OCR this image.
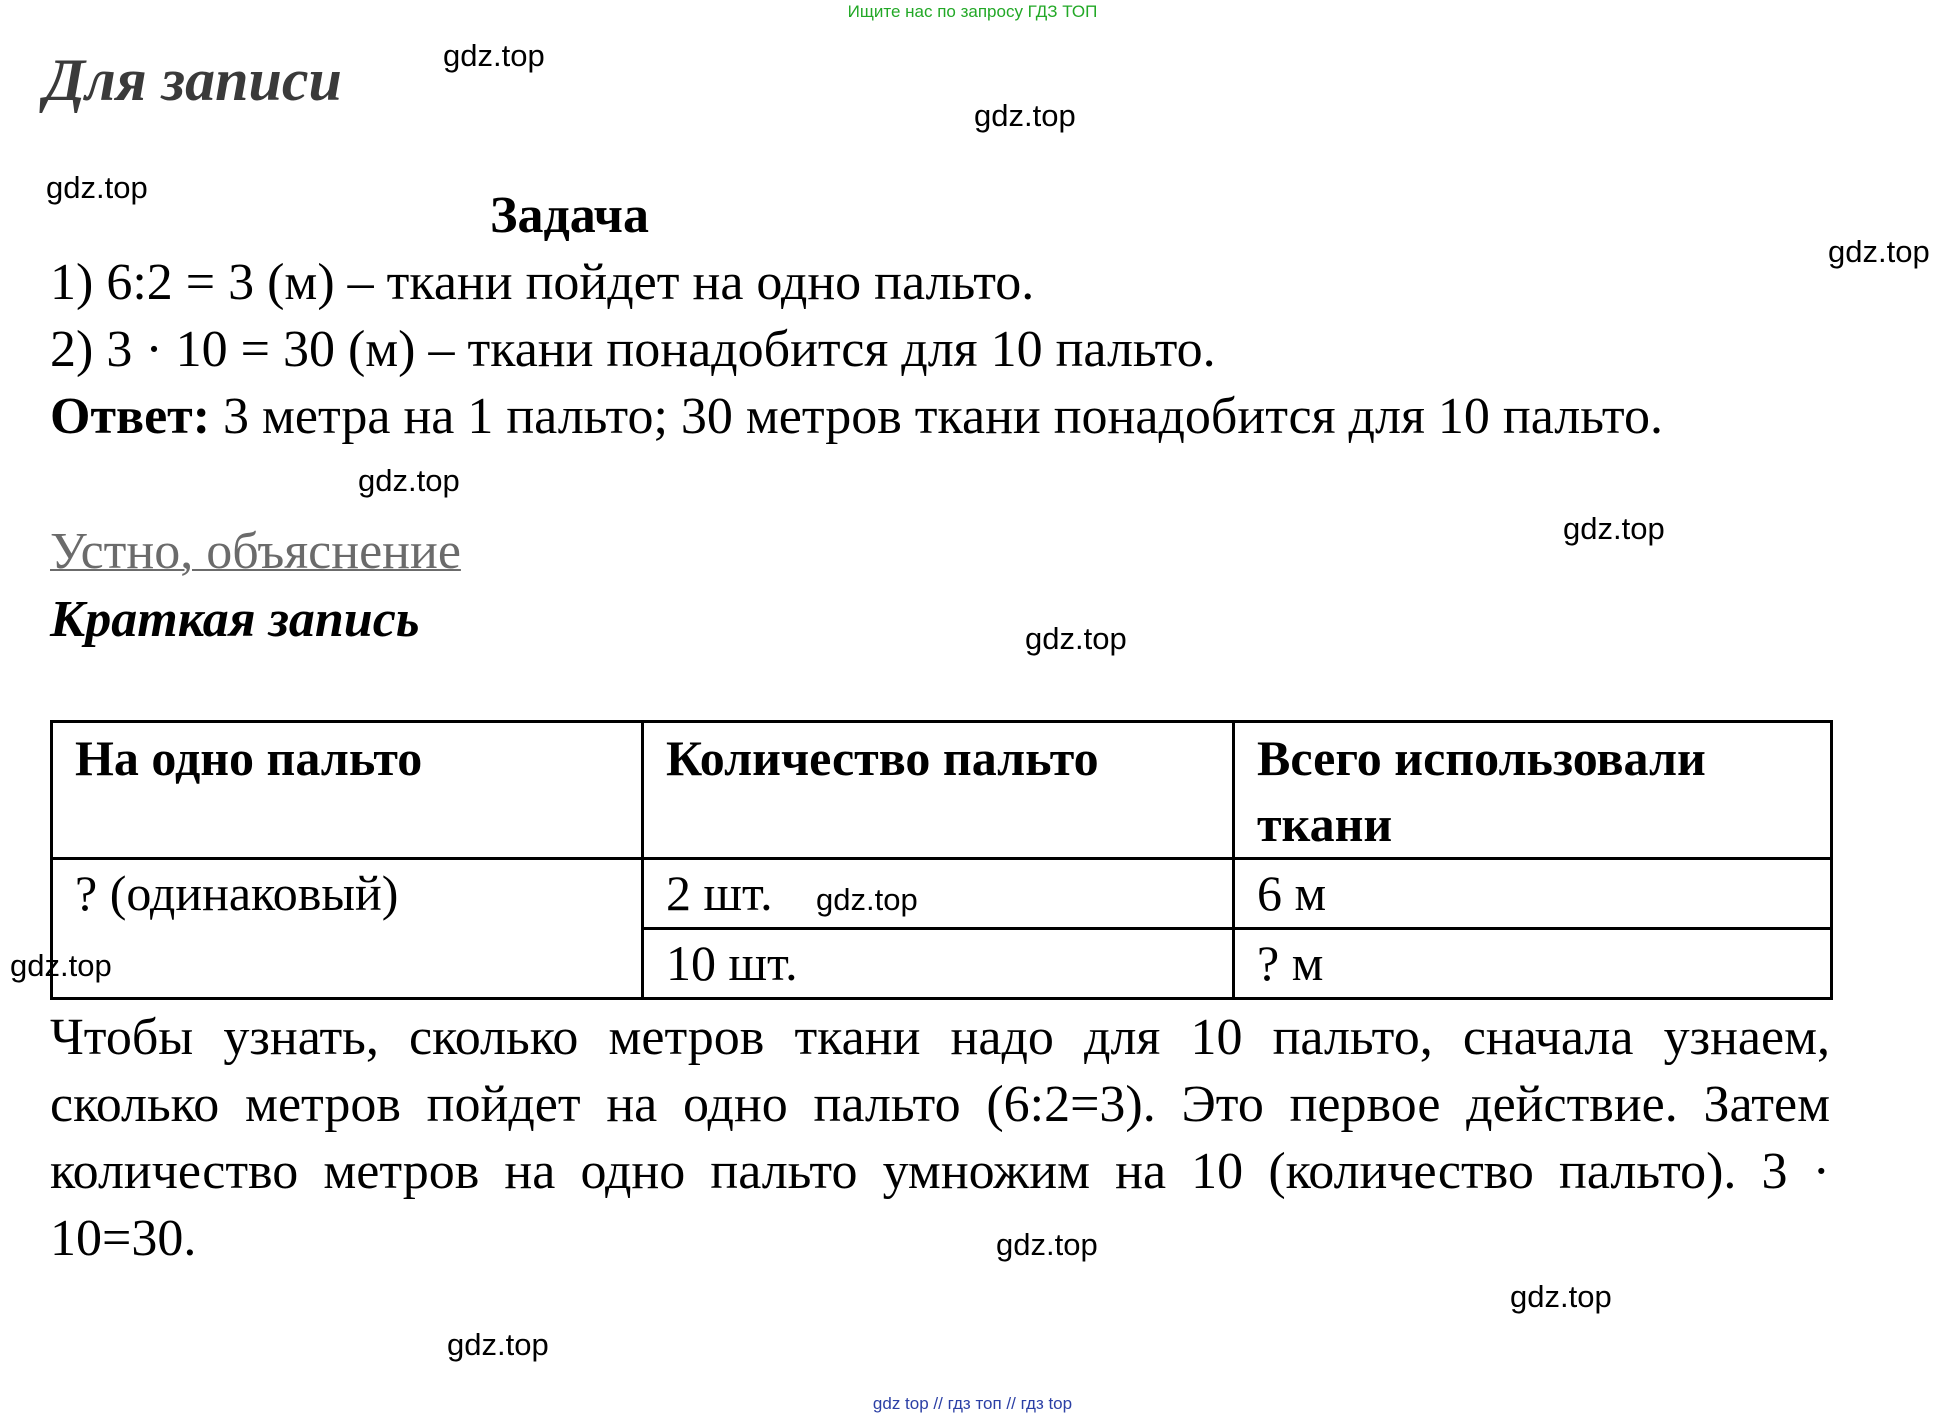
Ищите нас по запросу ГДЗ ТОП
Для записи
Задача
1) 6:2 = 3 (м) – ткани пойдет на одно пальто.
2) 3 · 10 = 30 (м) – ткани понадобится для 10 пальто.
Ответ: 3 метра на 1 пальто; 30 метров ткани понадобится для 10 пальто.
Устно, объяснение
Краткая запись
На одно пальто	Количество пальто	Всего использовали ткани
? (одинаковый)	2 шт.	6 м
	10 шт.	? м
Чтобы узнать, сколько метров ткани надо для 10 пальто, сначала узнаем, сколько метров пойдет на одно пальто (6:2=3). Это первое действие. Затем количество метров на одно пальто умножим на 10 (количество пальто). 3 · 10=30.
gdz.top
gdz.top
gdz.top
gdz.top
gdz.top
gdz.top
gdz.top
gdz.top
gdz.top
gdz.top
gdz.top
gdz.top
gdz top // гдз топ // гдз top
